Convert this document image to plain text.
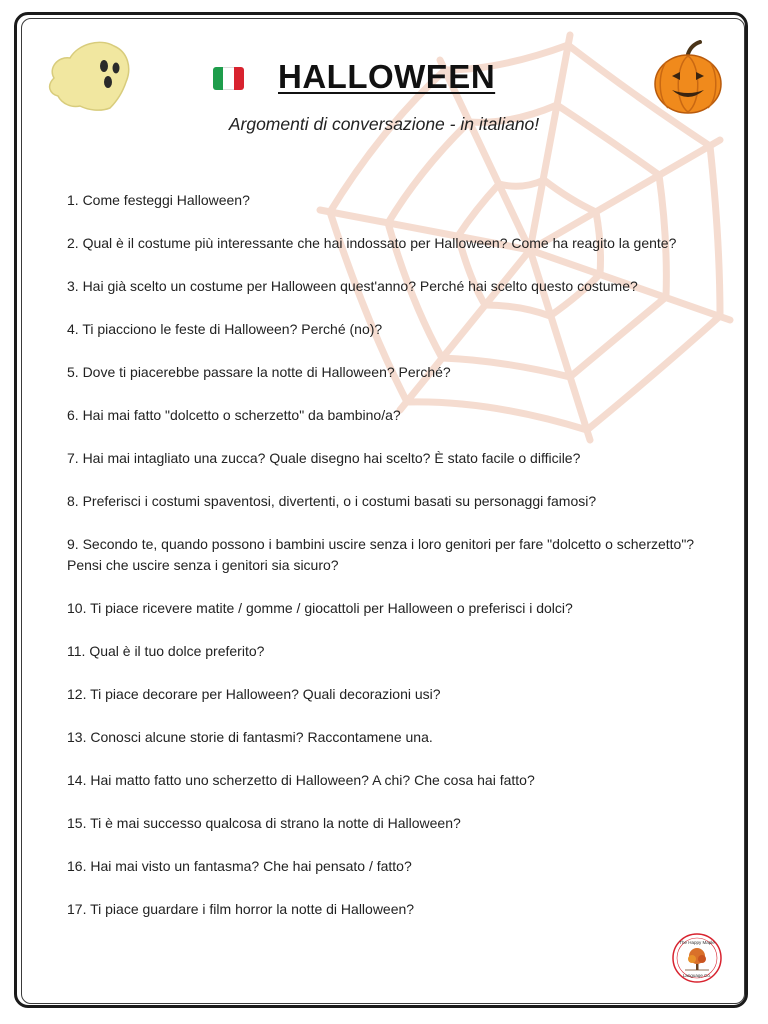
HALLOWEEN
Argomenti di conversazione - in italiano!
1. Come festeggi Halloween?
2. Qual è il costume più interessante che hai indossato per Halloween? Come ha reagito la gente?
3. Hai già scelto un costume per Halloween quest'anno? Perché hai scelto questo costume?
4. Ti piacciono le feste di Halloween? Perché (no)?
5. Dove ti piacerebbe passare la notte di Halloween? Perché?
6. Hai mai fatto "dolcetto o scherzetto" da bambino/a?
7. Hai mai intagliato una zucca? Quale disegno hai scelto? È stato facile o difficile?
8. Preferisci i costumi spaventosi, divertenti, o i costumi basati su personaggi famosi?
9. Secondo te, quando possono i bambini uscire senza i loro genitori per fare "dolcetto o scherzetto"? Pensi che uscire senza i genitori sia sicuro?
10. Ti piace ricevere matite / gomme / giocattoli per Halloween o preferisci i dolci?
11. Qual è il tuo dolce preferito?
12. Ti piace decorare per Halloween? Quali decorazioni usi?
13. Conosci alcune storie di fantasmi? Raccontamene una.
14. Hai matto fatto uno scherzetto di Halloween? A chi? Che cosa hai fatto?
15. Ti è mai successo qualcosa di strano la notte di Halloween?
16. Hai mai visto un fantasma? Che hai pensato / fatto?
17. Ti piace guardare i film horror la notte di Halloween?
The Happy Maple
Language Co.
